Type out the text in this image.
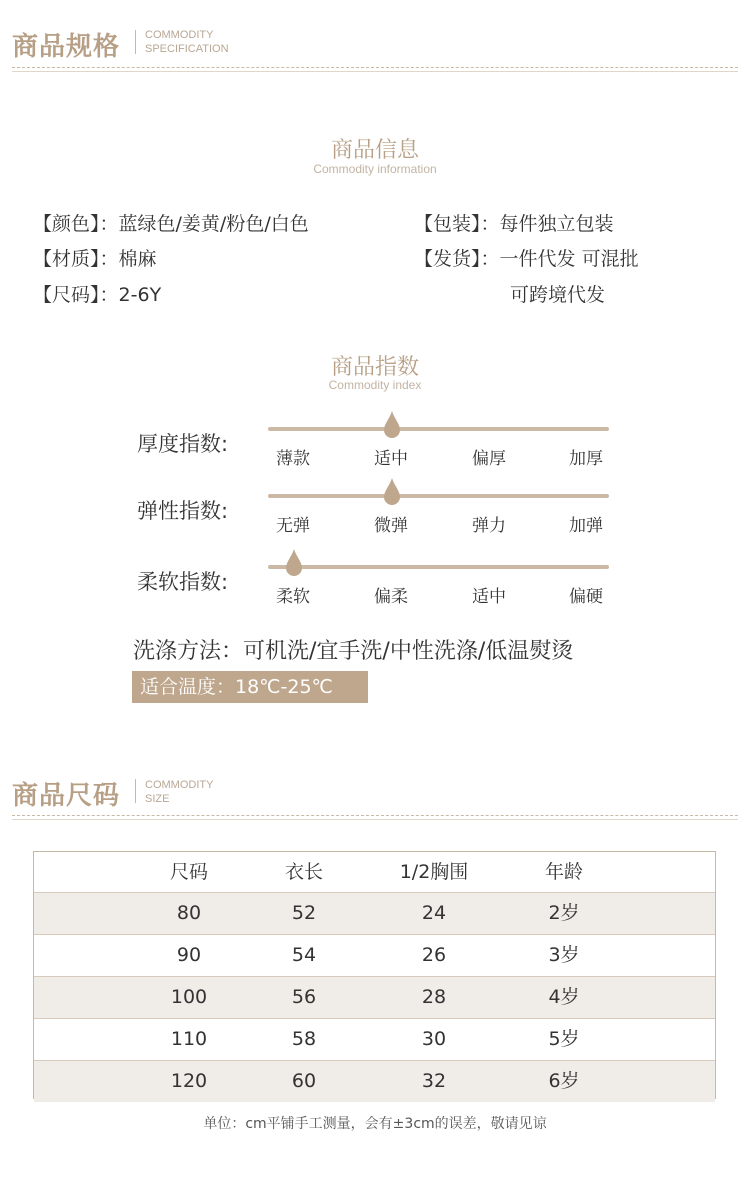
商品规格 COMMODITY
SPECIFICATION
商品信息
Commodity information
【颜色】：蓝绿色/姜黄/粉色/白色
【材质】：棉麻
【尺码】：2-6Y
【包装】：每件独立包装
【发货】：一件代发 可混批
可跨境代发
商品指数
Commodity index
厚度指数:
薄款	适中	偏厚	加厚
弹性指数:
无弹	微弹	弹力	加弹
柔软指数:
柔软	偏柔	适中	偏硬
洗涤方法：可机洗/宜手洗/中性洗涤/低温熨烫
适合温度：18℃-25℃
商品尺码 COMMODITY
SIZE
尺码	衣长	1/2胸围	年龄
80	52	24	2岁
90	54	26	3岁
100	56	28	4岁
110	58	30	5岁
120	60	32	6岁
单位：cm平铺手工测量，会有±3cm的误差，敬请见谅
